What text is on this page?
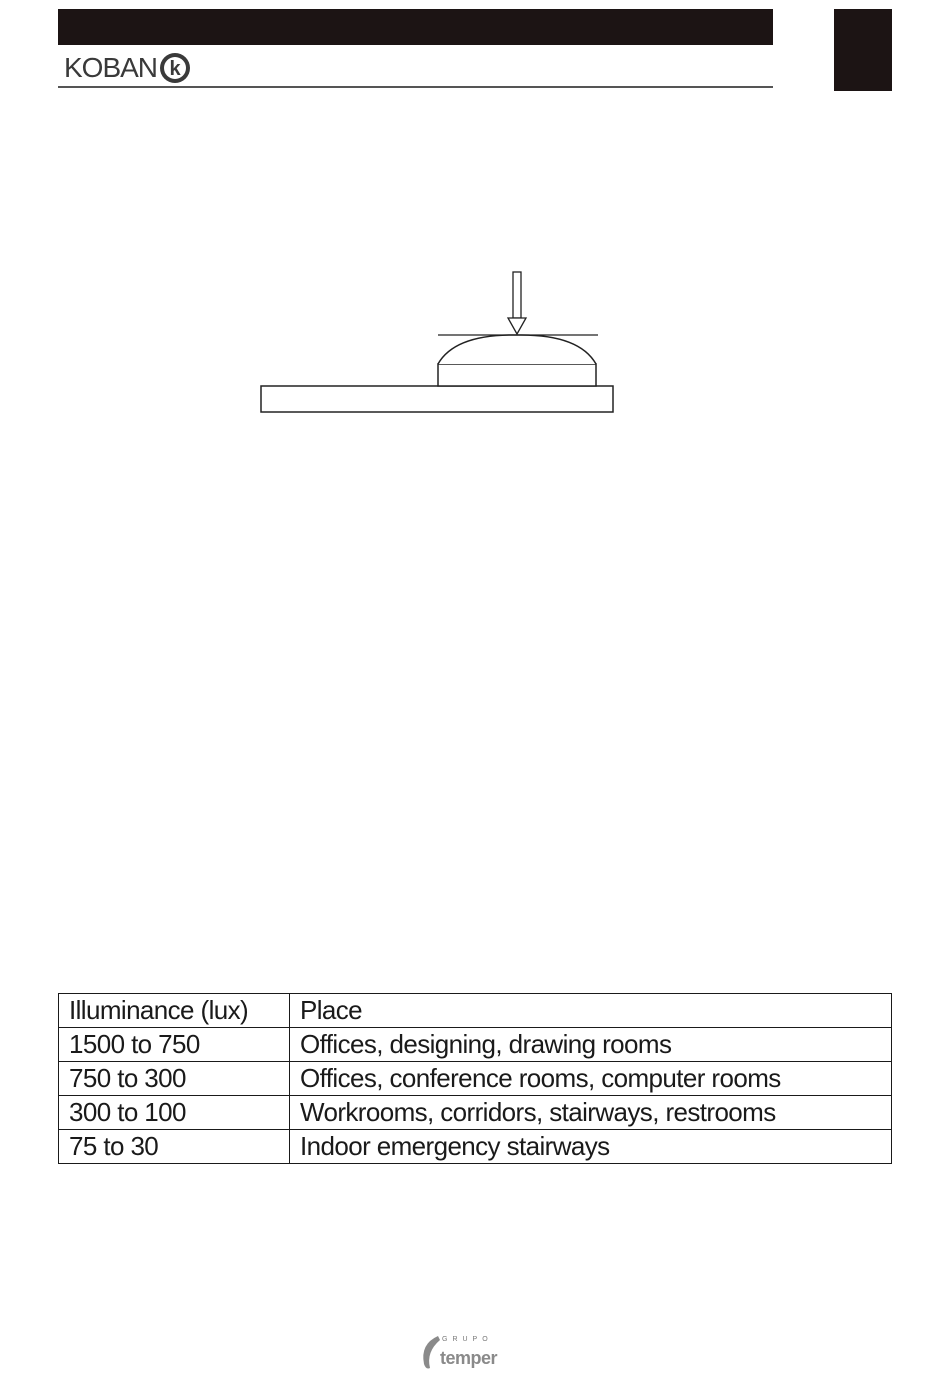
KOBAN k
Illuminance (lux)	Place
1500 to 750	Offices, designing, drawing rooms
750 to 300	Offices, conference rooms, computer rooms
300 to 100	Workrooms, corridors, stairways, restrooms
75 to 30	Indoor emergency stairways
GRUPO
temper
